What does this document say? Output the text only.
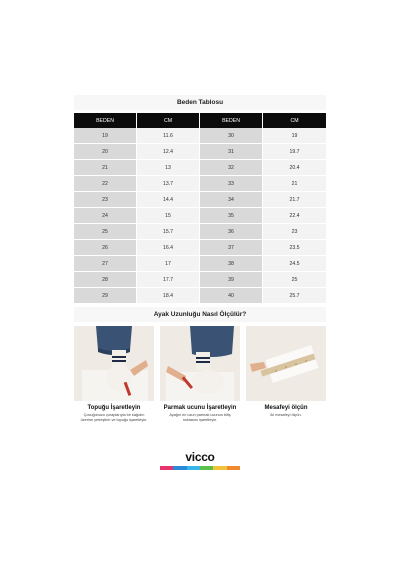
Beden Tablosu
BEDEN	CM	BEDEN	CM
19	11.6	30	19
20	12.4	31	19.7
21	13	32	20.4
22	13.7	33	21
23	14.4	34	21.7
24	15	35	22.4
25	15.7	36	23
26	16.4	37	23.5
27	17	38	24.5
28	17.7	39	25
29	18.4	40	25.7
Ayak Uzunluğu Nasıl Ölçülür?
Topuğu İşaretleyin
Çocuğunuzu çoraplarıyla bir kağıdın üzerine yerleştirin ve topuğu işaretleyin.
Parmak ucunu İşaretleyin
Ayağın en uzun parmak ucunun bitiş noktasını işaretleyin.
Mesafeyi ölçün
İki mesafeyi ölçün.
vicco
